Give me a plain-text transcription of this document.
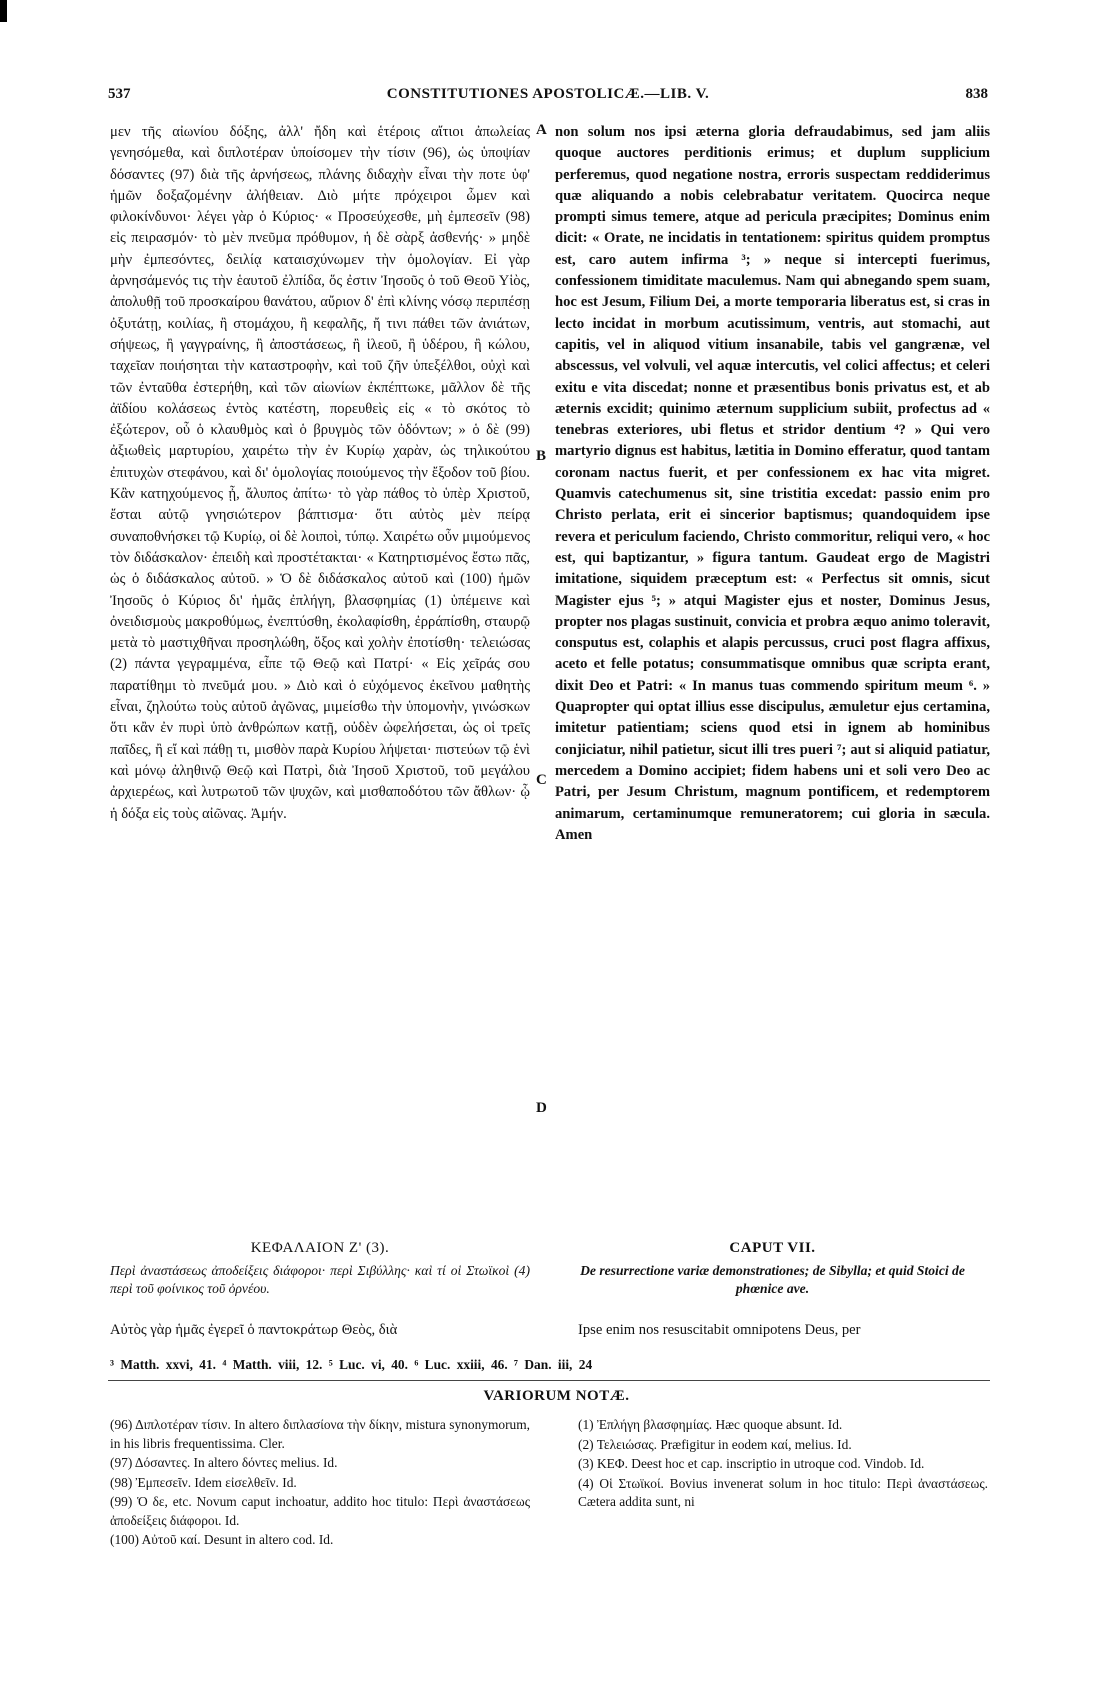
537	CONSTITUTIONES APOSTOLICÆ.—LIB. V.	838

μεν τῆς αἰωνίου δόξης, ἀλλ' ἤδη καὶ ἑτέροις αἴτιοι ἀπωλείας γενησόμεθα, καὶ διπλοτέραν ὑποίσομεν τὴν τίσιν (96), ὡς ὑποψίαν δόσαντες (97) διὰ τῆς ἀρνήσεως, πλάνης διδαχὴν εἶναι τὴν ποτε ὑφ' ἡμῶν δοξαζομένην ἀλήθειαν. Διὸ μήτε πρόχειροι ὦμεν καὶ φιλοκίνδυνοι· λέγει γὰρ ὁ Κύριος· « Προσεύχεσθε, μὴ ἐμπεσεῖν (98) εἰς πειρασμόν· τὸ μὲν πνεῦμα πρόθυμον, ἡ δὲ σὰρξ ἀσθενής· » μηδὲ μὴν ἐμπεσόντες, δειλίᾳ καταισχύνωμεν τὴν ὁμολογίαν. Εἰ γὰρ ἀρνησάμενός τις τὴν ἑαυτοῦ ἐλπίδα, ὅς ἐστιν Ἰησοῦς ὁ τοῦ Θεοῦ Υἱὸς, ἀπολυθῇ τοῦ προσκαίρου θανάτου, αὔριον δ' ἐπὶ κλίνης νόσῳ περιπέσῃ ὀξυτάτῃ, κοιλίας, ἢ στομάχου, ἢ κεφαλῆς, ἤ τινι πάθει τῶν ἀνιάτων, σήψεως, ἢ γαγγραίνης, ἢ ἀποστάσεως, ἢ ἰλεοῦ, ἢ ὑδέρου, ἢ κώλου, ταχεῖαν ποιήσηται τὴν καταστροφὴν, καὶ τοῦ ζῆν ὑπεξέλθοι, οὐχὶ καὶ τῶν ἐνταῦθα ἐστερήθη, καὶ τῶν αἰωνίων ἐκπέπτωκε, μᾶλλον δὲ τῆς ἀϊδίου κολάσεως ἐντὸς κατέστη, πορευθεὶς εἰς « τὸ σκότος τὸ ἐξώτερον, οὗ ὁ κλαυθμὸς καὶ ὁ βρυγμὸς τῶν ὀδόντων; » ὁ δὲ (99) ἀξιωθεὶς μαρτυρίου, χαιρέτω τὴν ἐν Κυρίῳ χαρὰν, ὡς τηλικούτου ἐπιτυχὼν στεφάνου, καὶ δι' ὁμολογίας ποιούμενος τὴν ἔξοδον τοῦ βίου. Κἂν κατηχούμενος ᾖ, ἄλυπος ἀπίτω· τὸ γὰρ πάθος τὸ ὑπὲρ Χριστοῦ, ἔσται αὐτῷ γνησιώτερον βάπτισμα· ὅτι αὐτὸς μὲν πείρᾳ συναποθνήσκει τῷ Κυρίῳ, οἱ δὲ λοιποὶ, τύπῳ. Χαιρέτω οὖν μιμούμενος τὸν διδάσκαλον· ἐπειδὴ καὶ προστέτακται· « Κατηρτισμένος ἔστω πᾶς, ὡς ὁ διδάσκαλος αὐτοῦ. » Ὁ δὲ διδάσκαλος αὐτοῦ καὶ (100) ἡμῶν Ἰησοῦς ὁ Κύριος δι' ἡμᾶς ἐπλήγη, βλασφημίας (1) ὑπέμεινε καὶ ὀνειδισμοὺς μακροθύμως, ἐνεπτύσθη, ἐκολαφίσθη, ἐρράπίσθη, σταυρῷ μετὰ τὸ μαστιχθῆναι προσηλώθη, ὄξος καὶ χολὴν ἐποτίσθη· τελειώσας (2) πάντα γεγραμμένα, εἶπε τῷ Θεῷ καὶ Πατρί· « Εἰς χεῖράς σου παρατίθημι τὸ πνεῦμά μου. » Διὸ καὶ ὁ εὐχόμενος ἐκεῖνου μαθητὴς εἶναι, ζηλούτω τοὺς αὐτοῦ ἀγῶνας, μιμείσθω τὴν ὑπομονὴν, γινώσκων ὅτι κἂν ἐν πυρὶ ὑπὸ ἀνθρώπων κατῇ, οὐδὲν ὠφελήσεται, ὡς οἱ τρεῖς παῖδες, ἢ εἴ καὶ πάθῃ τι, μισθὸν παρὰ Κυρίου λήψεται· πιστεύων τῷ ἑνὶ καὶ μόνῳ ἀληθινῷ Θεῷ καὶ Πατρὶ, διὰ Ἰησοῦ Χριστοῦ, τοῦ μεγάλου ἀρχιερέως, καὶ λυτρωτοῦ τῶν ψυχῶν, καὶ μισθαποδότου τῶν ἄθλων· ᾧ ἡ δόξα εἰς τοὺς αἰῶνας. Ἀμήν.

non solum nos ipsi æterna gloria defraudabimus, sed jam aliis quoque auctores perditionis erimus; et duplum supplicium perferemus, quod negatione nostra, erroris suspectam reddiderimus quæ aliquando a nobis celebrabatur veritatem. Quocirca neque prompti simus temere, atque ad pericula præcipites; Dominus enim dicit: « Orate, ne incidatis in tentationem: spiritus quidem promptus est, caro autem infirma ³; » neque si intercepti fuerimus, confessionem timiditate maculemus. Nam qui abnegando spem suam, hoc est Jesum, Filium Dei, a morte temporaria liberatus est, si cras in lecto incidat in morbum acutissimum, ventris, aut stomachi, aut capitis, vel in aliquod vitium insanabile, tabis vel gangrænæ, vel abscessus, vel volvuli, vel aquæ intercutis, vel colici affectus; et celeri exitu e vita discedat; nonne et præsentibus bonis privatus est, et ab æternis excidit; quinimo æternum supplicium subiit, profectus ad « tenebras exteriores, ubi fletus et stridor dentium ⁴? » Qui vero martyrio dignus est habitus, lætitia in Domino efferatur, quod tantam coronam nactus fuerit, et per confessionem ex hac vita migret. Quamvis catechumenus sit, sine tristitia excedat: passio enim pro Christo perlata, erit ei sincerior baptismus; quandoquidem ipse revera et periculum faciendo, Christo commoritur, reliqui vero, « hoc est, qui baptizantur, » figura tantum. Gaudeat ergo de Magistri imitatione, siquidem præceptum est: « Perfectus sit omnis, sicut Magister ejus ⁵; » atqui Magister ejus et noster, Dominus Jesus, propter nos plagas sustinuit, convicia et probra æquo animo toleravit, consputus est, colaphis et alapis percussus, cruci post flagra affixus, aceto et felle potatus; consummatisque omnibus quæ scripta erant, dixit Deo et Patri: « In manus tuas commendo spiritum meum ⁶. » Quapropter qui optat illius esse discipulus, æmuletur ejus certamina, imitetur patientiam; sciens quod etsi in ignem ab hominibus conjiciatur, nihil patietur, sicut illi tres pueri ⁷; aut si aliquid patiatur, mercedem a Domino accipiet; fidem habens uni et soli vero Deo ac Patri, per Jesum Christum, magnum pontificem, et redemptorem animarum, certaminumque remuneratorem; cui gloria in sæcula. Amen

A
B
C
D
ΚΕΦΑΛΑΙΟΝ Ζ' (3).
Περὶ ἀναστάσεως ἀποδείξεις διάφοροι· περὶ Σιβύλλης· καὶ τί οἱ Στωϊκοὶ (4) περὶ τοῦ φοίνικος τοῦ ὀρνέου.
Αὐτὸς γὰρ ἡμᾶς ἐγερεῖ ὁ παντοκράτωρ Θεὸς, διὰ
CAPUT VII.
De resurrectione variæ demonstrationes; de Sibylla; et quid Stoici de phœnice ave.
Ipse enim nos resuscitabit omnipotens Deus, per
³ Matth. xxvi, 41. ⁴ Matth. viii, 12. ⁵ Luc. vi, 40. ⁶ Luc. xxiii, 46. ⁷ Dan. iii, 24
VARIORUM NOTÆ.

(96) Διπλοτέραν τίσιν. In altero διπλασίονα τὴν δίκην, mistura synonymorum, in his libris frequentissima. Cler.

(97) Δόσαντες. In altero δόντες melius. Id.

(98) Ἐμπεσεῖν. Idem εἰσελθεῖν. Id.

(99) Ὁ δε, etc. Novum caput inchoatur, addito hoc titulo: Περὶ ἀναστάσεως ἀποδείξεις διάφοροι. Id.

(100) Αὐτοῦ καί. Desunt in altero cod. Id.

(1) Ἐπλήγη βλασφημίας. Hæc quoque absunt. Id.

(2) Τελειώσας. Præfigitur in eodem καί, melius. Id.

(3) ΚΕΦ. Deest hoc et cap. inscriptio in utroque cod. Vindob. Id.

(4) Οἱ Στωϊκοί. Bovius invenerat solum in hoc titulo: Περὶ ἀναστάσεως. Cætera addita sunt, ni
